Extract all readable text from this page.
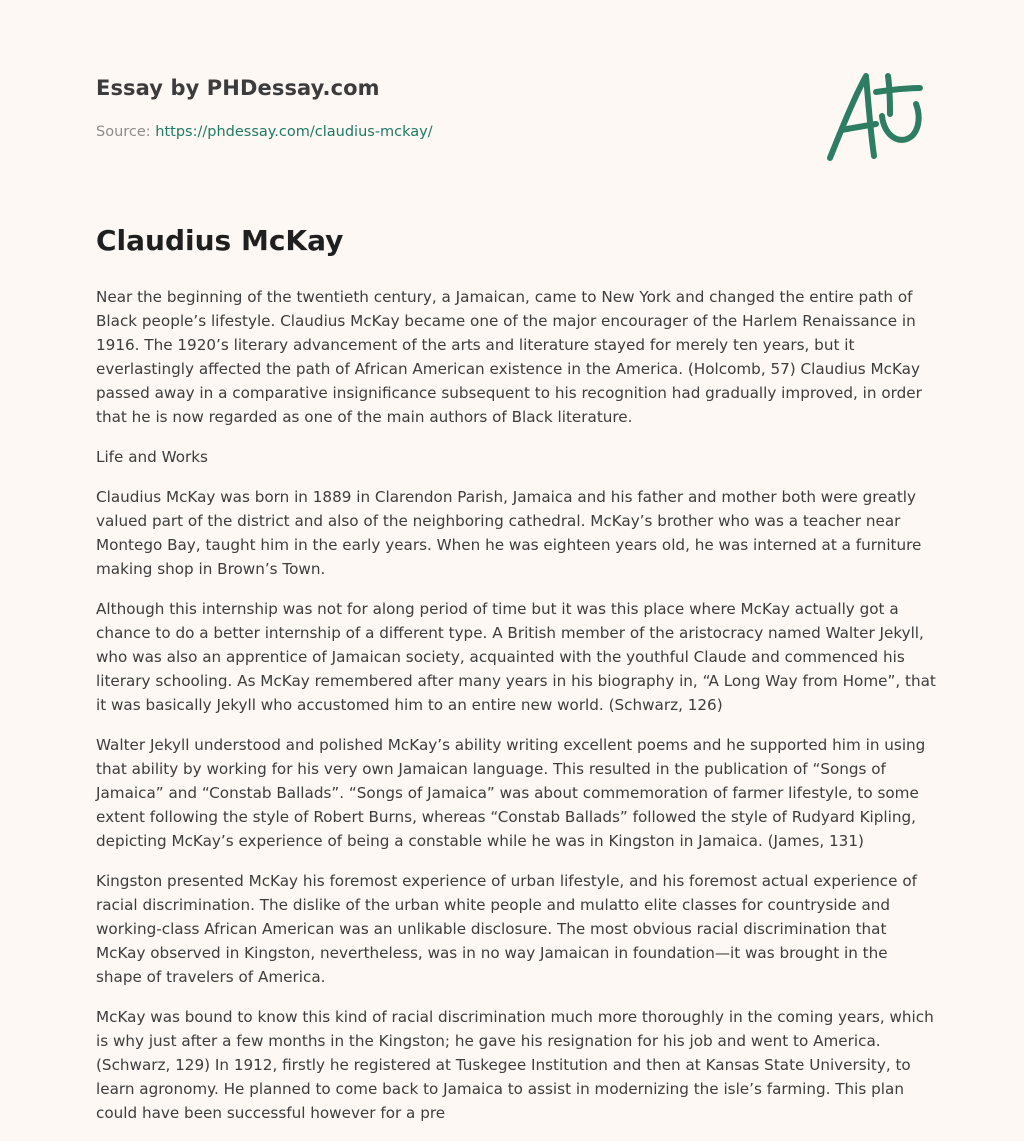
Essay by PHDessay.com
Source: https://phdessay.com/claudius-mckay/
Claudius McKay

Near the beginning of the twentieth century, a Jamaican, came to New York and changed the entire path of Black people’s lifestyle. Claudius McKay became one of the major encourager of the Harlem Renaissance in 1916. The 1920’s literary advancement of the arts and literature stayed for merely ten years, but it everlastingly affected the path of African American existence in the America. (Holcomb, 57) Claudius McKay passed away in a comparative insignificance subsequent to his recognition had gradually improved, in order that he is now regarded as one of the main authors of Black literature.

Life and Works

Claudius McKay was born in 1889 in Clarendon Parish, Jamaica and his father and mother both were greatly valued part of the district and also of the neighboring cathedral. McKay’s brother who was a teacher near Montego Bay, taught him in the early years. When he was eighteen years old, he was interned at a furniture making shop in Brown’s Town.

Although this internship was not for along period of time but it was this place where McKay actually got a chance to do a better internship of a different type. A British member of the aristocracy named Walter Jekyll, who was also an apprentice of Jamaican society, acquainted with the youthful Claude and commenced his literary schooling. As McKay remembered after many years in his biography in, “A Long Way from Home”, that it was basically Jekyll who accustomed him to an entire new world. (Schwarz, 126)

Walter Jekyll understood and polished McKay’s ability writing excellent poems and he supported him in using that ability by working for his very own Jamaican language. This resulted in the publication of “Songs of Jamaica” and “Constab Ballads”. “Songs of Jamaica” was about commemoration of farmer lifestyle, to some extent following the style of Robert Burns, whereas “Constab Ballads” followed the style of Rudyard Kipling, depicting McKay’s experience of being a constable while he was in Kingston in Jamaica. (James, 131)

Kingston presented McKay his foremost experience of urban lifestyle, and his foremost actual experience of racial discrimination. The dislike of the urban white people and mulatto elite classes for countryside and working-class African American was an unlikable disclosure. The most obvious racial discrimination that McKay observed in Kingston, nevertheless, was in no way Jamaican in foundation—it was brought in the shape of travelers of America.

McKay was bound to know this kind of racial discrimination much more thoroughly in the coming years, which is why just after a few months in the Kingston; he gave his resignation for his job and went to America. (Schwarz, 129) In 1912, firstly he registered at Tuskegee Institution and then at Kansas State University, to learn agronomy. He planned to come back to Jamaica to assist in modernizing the isle’s farming. This plan could have been successful however for a pre
